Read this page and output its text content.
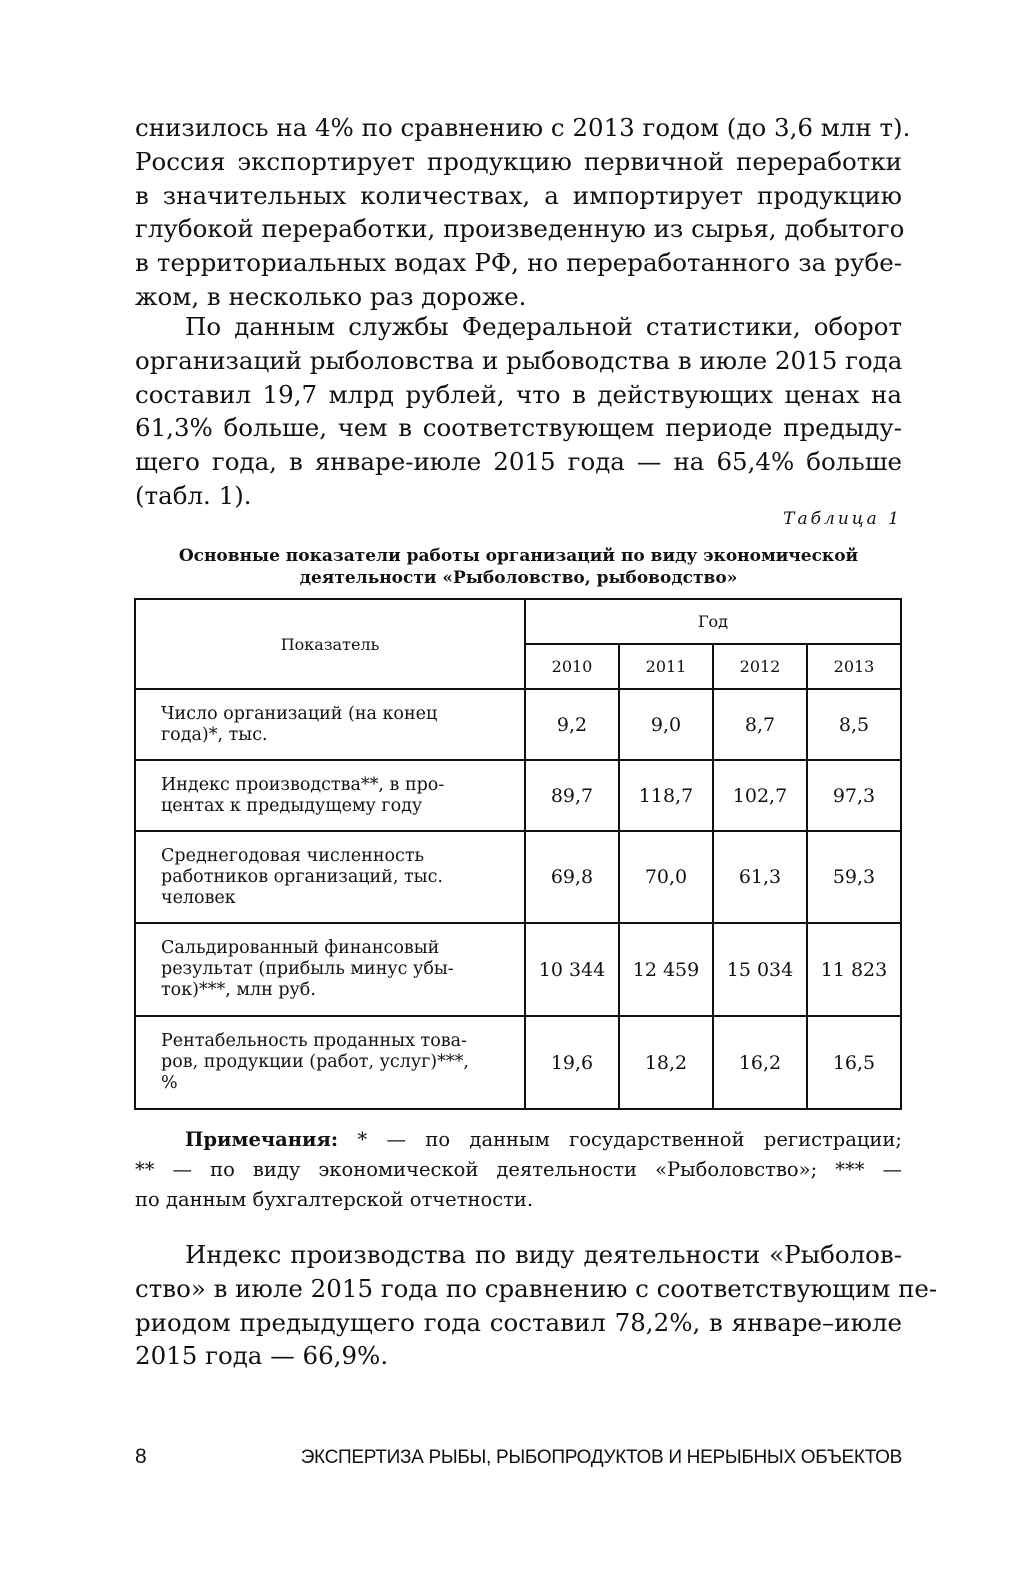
снизилось на 4% по сравнению с 2013 годом (до 3,6 млн т).
Россия экспортирует продукцию первичной переработки
в значительных количествах, а импортирует продукцию
глубокой переработки, произведенную из сырья, добытого
в территориальных водах РФ, но переработанного за рубе-
жом, в несколько раз дороже.
По данным службы Федеральной статистики, оборот
организаций рыболовства и рыбоводства в июле 2015 года
составил 19,7 млрд рублей, что в действующих ценах на
61,3% больше, чем в соответствующем периоде предыду-
щего года, в январе-июле 2015 года — на 65,4% больше
(табл. 1).
Таблица 1
Основные показатели работы организаций по виду экономической
деятельности «Рыболовство, рыбоводство»
Показатель	Год			
	2010	2011	2012	2013

Число организаций (на конец
года)*, тыс.	9,2	9,0	8,7	8,5

Индекс производства**, в про-
центах к предыдущему году	89,7	118,7	102,7	97,3

Среднегодовая численность
работников организаций, тыс.
человек	69,8	70,0	61,3	59,3

Сальдированный финансовый
результат (прибыль минус убы-
ток)***, млн руб.	10 344	12 459	15 034	11 823

Рентабельность проданных това-
ров, продукции (работ, услуг)***,
%	19,6	18,2	16,2	16,5
Примечания: * — по данным государственной регистрации;
** — по виду экономической деятельности «Рыболовство»; *** —
по данным бухгалтерской отчетности.
Индекс производства по виду деятельности «Рыболов-
ство» в июле 2015 года по сравнению с соответствующим пе-
риодом предыдущего года составил 78,2%, в январе–июле
2015 года — 66,9%.
8	ЭКСПЕРТИЗА РЫБЫ, РЫБОПРОДУКТОВ И НЕРЫБНЫХ ОБЪЕКТОВ
